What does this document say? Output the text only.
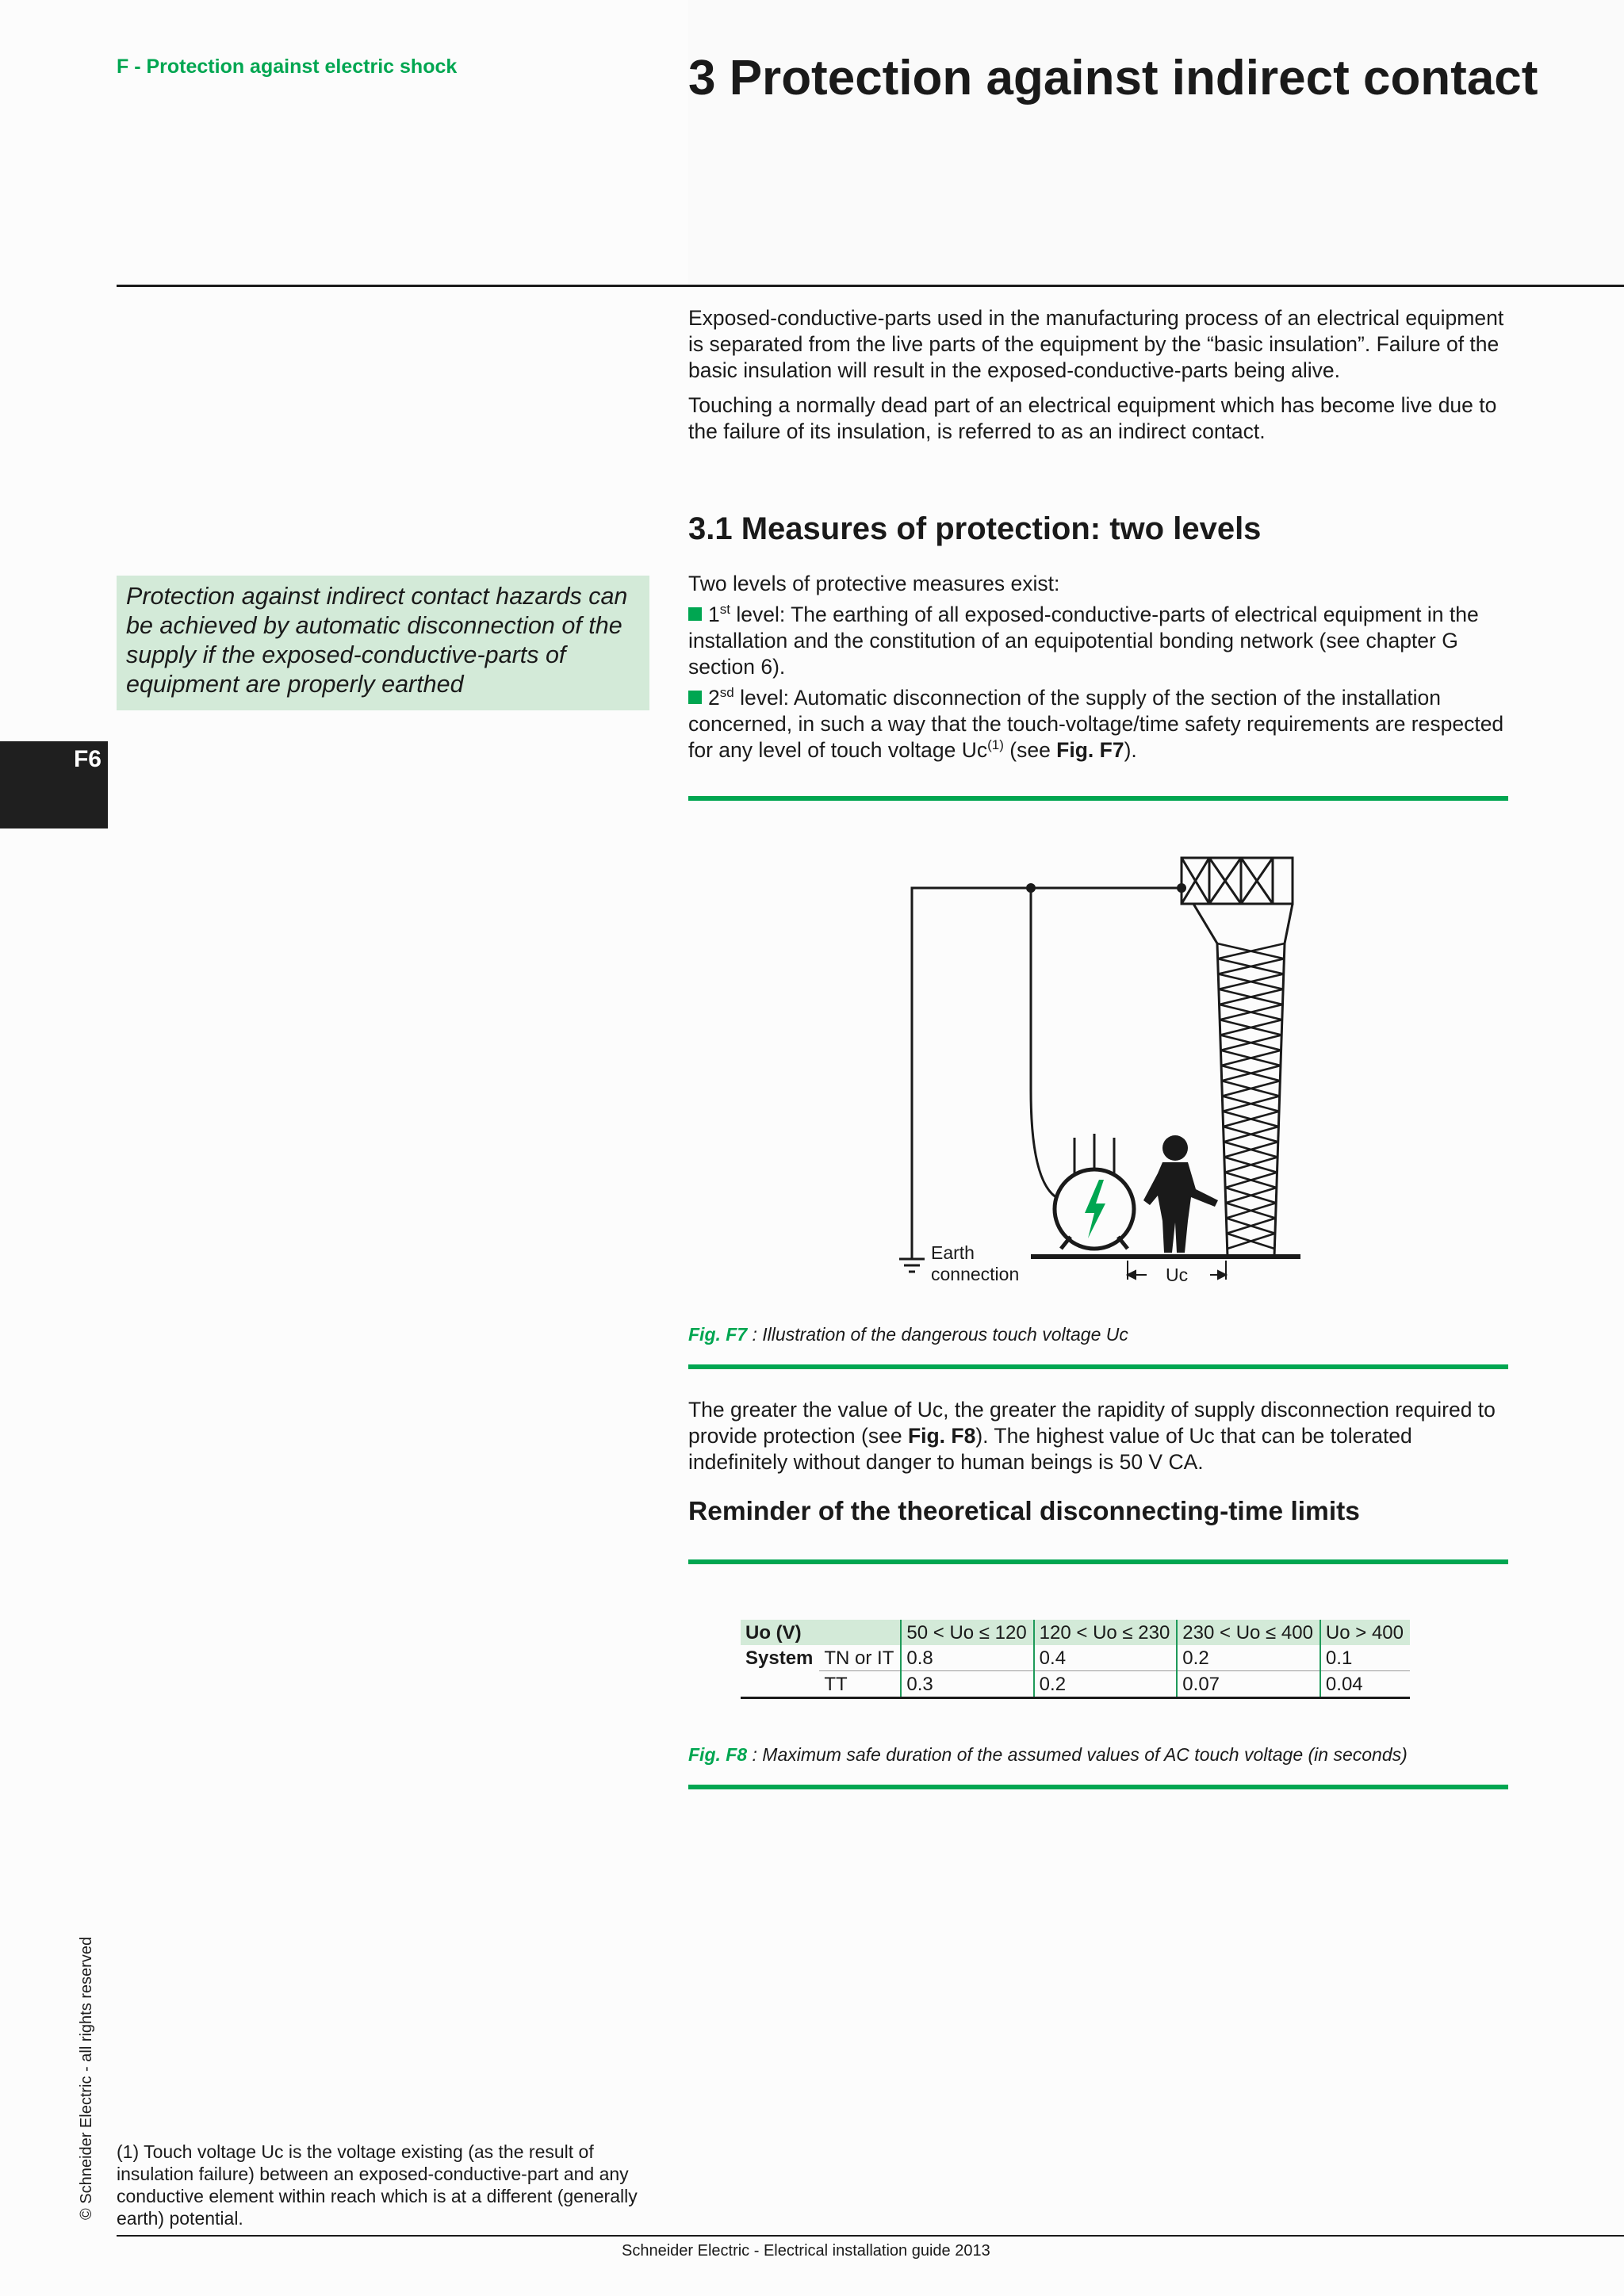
F - Protection against electric shock	3 Protection against indirect contact

Exposed-conductive-parts used in the manufacturing process of an electrical equipment is separated from the live parts of the equipment by the “basic insulation”. Failure of the basic insulation will result in the exposed-conductive-parts being alive.

Touching a normally dead part of an electrical equipment which has become live due to the failure of its insulation, is referred to as an indirect contact.

3.1 Measures of protection: two levels
Two levels of protective measures exist:
1st level: The earthing of all exposed-conductive-parts of electrical equipment in the installation and the constitution of an equipotential bonding network (see chapter G section 6).
$2^{sd}$ level: Automatic disconnection of the supply of the section of the installation concerned, in such a way that the touch-voltage/time safety requirements are respected for any level of touch voltage Uc$^{(1)}$ (see Fig. F7).

Protection against indirect contact hazards can be achieved by automatic disconnection of the supply if the exposed-conductive-parts of equipment are properly earthed

F6
Earth
connection	Uc
Fig. F7 : Illustration of the dangerous touch voltage Uc
The greater the value of Uc, the greater the rapidity of supply disconnection required to provide protection (see Fig. F8). The highest value of Uc that can be tolerated indefinitely without danger to human beings is 50 V CA.
Reminder of the theoretical disconnecting-time limits
Uo (V)		50 < Uo ≤ 120	120 < Uo ≤ 230	230 < Uo ≤ 400	Uo > 400
System	TN or IT	0.8	0.4	0.2	0.1
	TT	0.3	0.2	0.07	0.04
Fig. F8 : Maximum safe duration of the assumed values of AC touch voltage (in seconds)
(1) Touch voltage Uc is the voltage existing (as the result of insulation failure) between an exposed-conductive-part and any conductive element within reach which is at a different (generally earth) potential.
Schneider Electric - Electrical installation guide 2013
© Schneider Electric - all rights reserved
